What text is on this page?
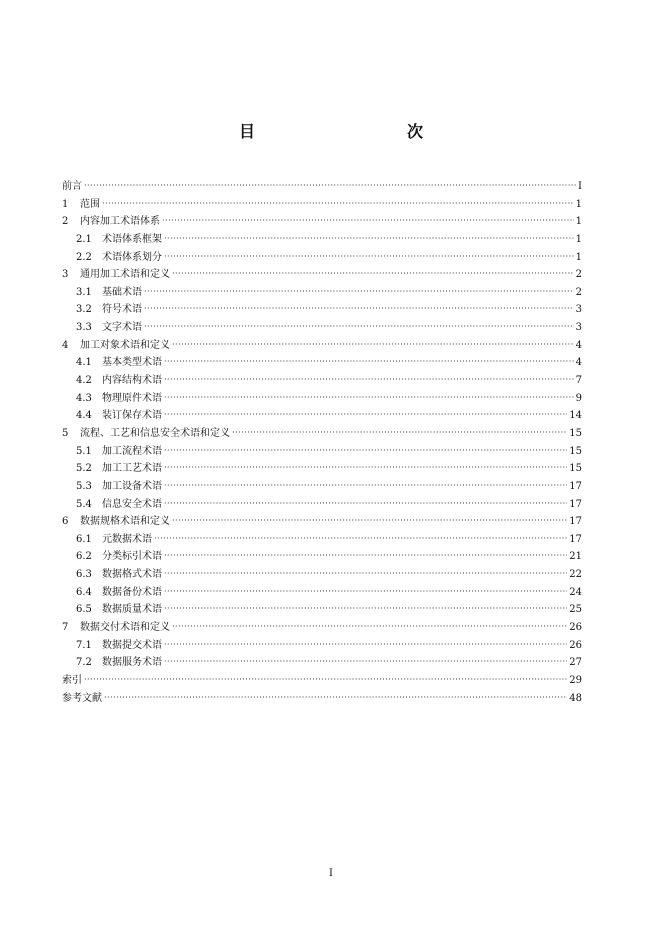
目　　次
前言 ·····	I
1 范围 ·····	1
2 内容加工术语体系 ·····	1
2.1 术语体系框架 ·····	1
2.2 术语体系划分 ·····	1
3 通用加工术语和定义 ·····	2
3.1 基础术语 ·····	2
3.2 符号术语 ·····	3
3.3 文字术语 ·····	3
4 加工对象术语和定义 ·····	4
4.1 基本类型术语 ·····	4
4.2 内容结构术语 ·····	7
4.3 物理原件术语 ·····	9
4.4 装订保存术语 ·····	14
5 流程、工艺和信息安全术语和定义 ·····	15
5.1 加工流程术语 ·····	15
5.2 加工工艺术语 ·····	15
5.3 加工设备术语 ·····	17
5.4 信息安全术语 ·····	17
6 数据规格术语和定义 ·····	17
6.1 元数据术语 ·····	17
6.2 分类标引术语 ·····	21
6.3 数据格式术语 ·····	22
6.4 数据备份术语 ·····	24
6.5 数据质量术语 ·····	25
7 数据交付术语和定义 ·····	26
7.1 数据提交术语 ·····	26
7.2 数据服务术语 ·····	27
索引 ·····	29
参考文献 ·····	48
I
